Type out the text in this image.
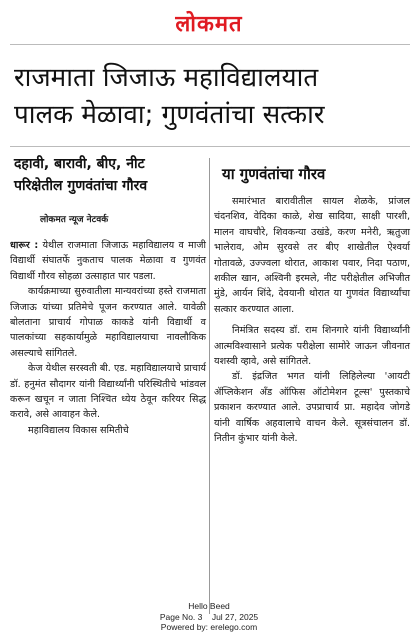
लोकमत
राजमाता जिजाऊ महाविद्यालयात
पालक मेळावा; गुणवंतांचा सत्कार
दहावी, बारावी, बीए, नीट
परिक्षेतील गुणवंतांचा गौरव
लोकमत न्यूज नेटवर्क

धारूर : येथील राजमाता जिजाऊ महाविद्यालय व माजी विद्यार्थी संघातर्फे नुकताच पालक मेळावा व गुणवंत विद्यार्थी गौरव सोहळा उत्साहात पार पडला.

कार्यक्रमाच्या सुरुवातीला मान्यवरांच्या हस्ते राजमाता जिजाऊ यांच्या प्रतिमेचे पूजन करण्यात आले. यावेळी बोलताना प्राचार्य गोपाळ काकडे यांनी विद्यार्थी व पालकांच्या सहकार्यामुळे महाविद्यालयाचा नावलौकिक असल्याचे सांगितले.

केज येथील सरस्वती बी. एड. महाविद्यालयाचे प्राचार्य डॉ. हनुमंत सौदागर यांनी विद्यार्थ्यांनी परिस्थितीचे भांडवल करून खचून न जाता निश्चित ध्येय ठेवून करियर सिद्ध करावे, असे आवाहन केले.

महाविद्यालय विकास समितीचे

या गुणवंतांचा गौरव

समारंभात बारावीतील सायल शेळके, प्रांजल चंदनशिव, वेदिका काळे, शेख सादिया, साक्षी पारशी, मालन वाघचौरे, शिवकन्या उखंडे, करण मनेरी, ऋतुजा भालेराव, ओम सुरवसे तर बीए शाखेतील ऐश्वर्या गोतावळे, उज्ज्वला थोरात, आकाश पवार, निदा पठाण, शकील खान, अश्विनी इरमले, नीट परीक्षेतील अभिजीत मुंडे, आर्यन शिंदे, देवयानी थोरात या गुणवंत विद्यार्थ्यांचा सत्कार करण्यात आला.

निमंत्रित सदस्य डॉ. राम शिनगारे यांनी विद्यार्थ्यांनी आत्मविश्वासाने प्रत्येक परीक्षेला सामोरे जाऊन जीवनात यशस्वी व्हावे, असे सांगितले.

डॉ. इंद्रजित भगत यांनी लिहिलेल्या 'आयटी ॲप्लिकेशन ॲंड ऑफिस ऑटोमेशन टूल्स' पुस्तकाचे प्रकाशन करण्यात आले. उपप्राचार्य प्रा. महादेव जोगडे यांनी वार्षिक अहवालाचे वाचन केले. सूत्रसंचालन डॉ. नितीन कुंभार यांनी केले.

Hello Beed
Page No. 3 Jul 27, 2025
Powered by: erelego.com
